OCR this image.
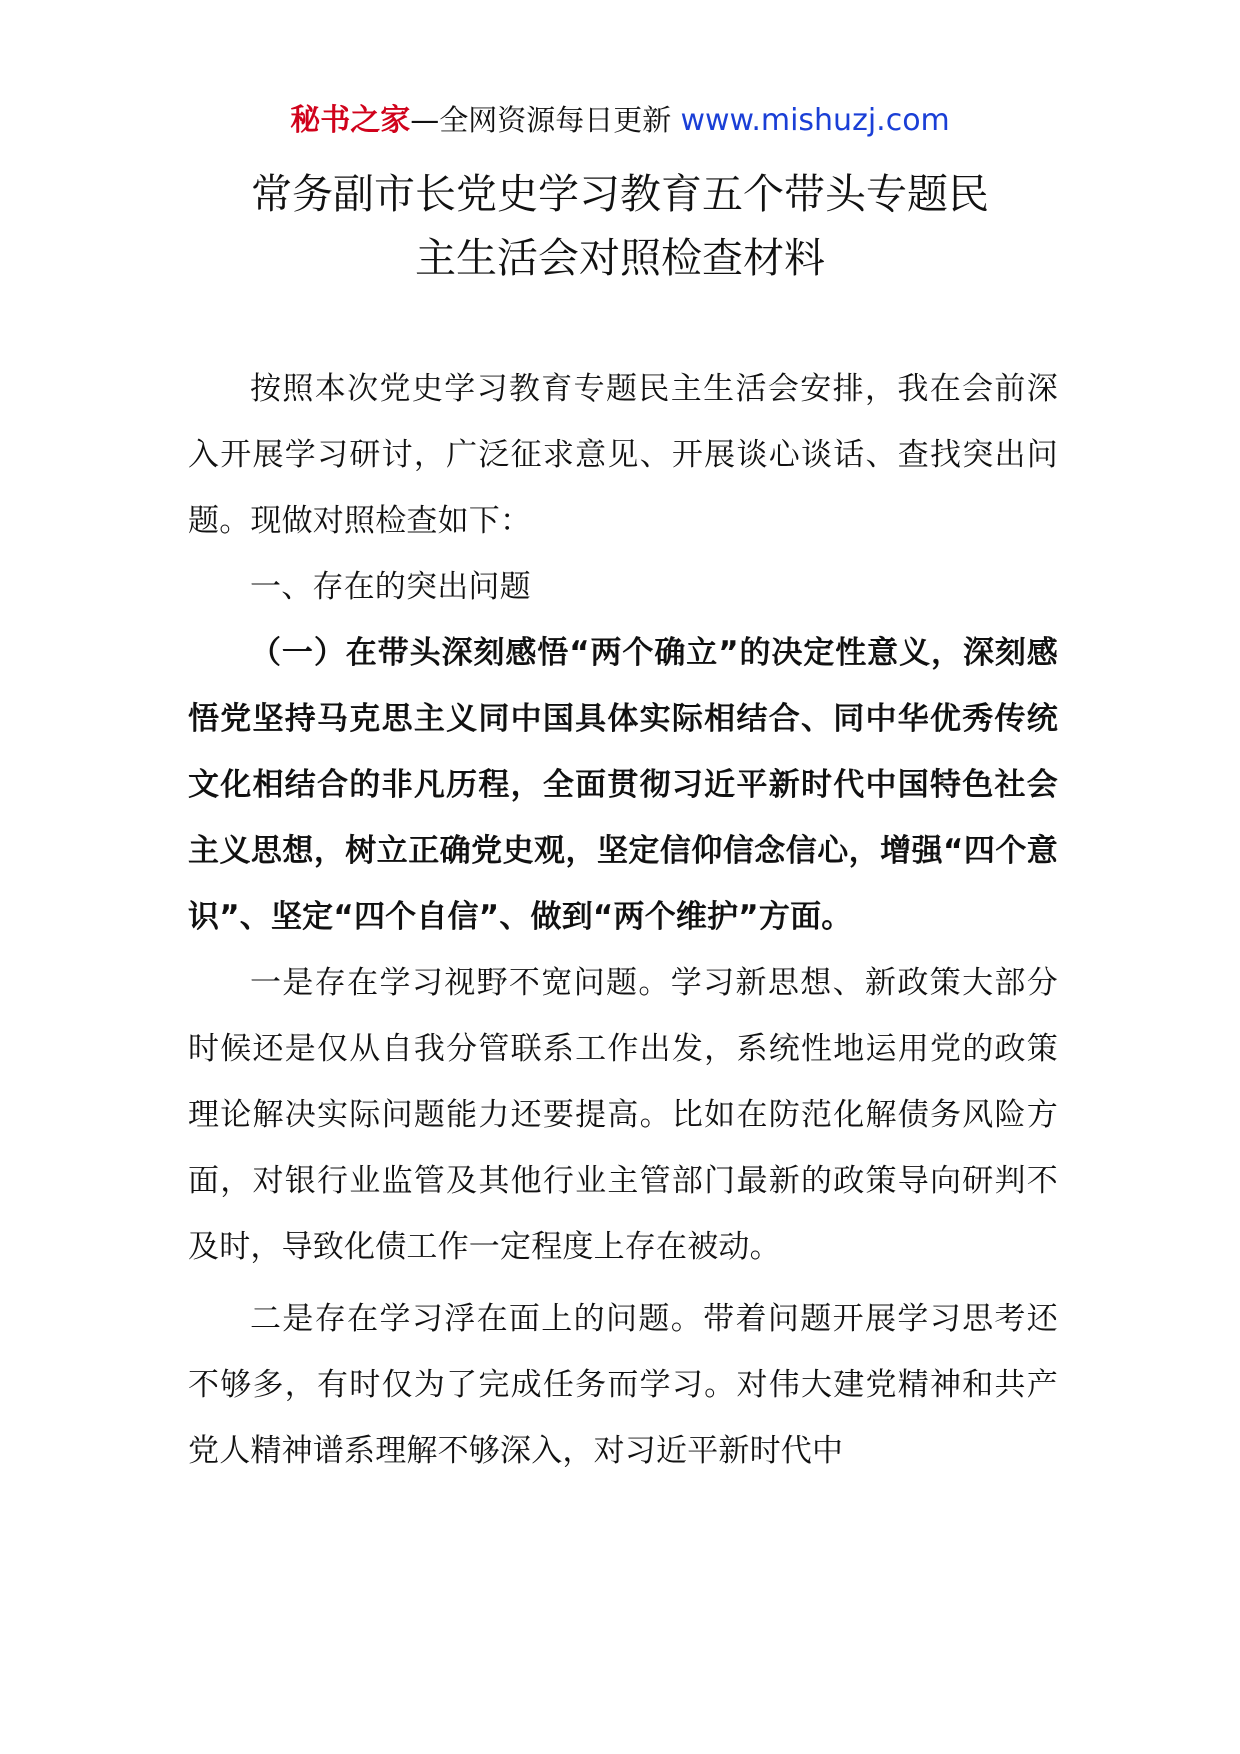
秘书之家—全网资源每日更新 www.mishuzj.com
常务副市长党史学习教育五个带头专题民
主生活会对照检查材料

按照本次党史学习教育专题民主生活会安排，我在会前深入开展学习研讨，广泛征求意见、开展谈心谈话、查找突出问题。现做对照检查如下：

一、存在的突出问题

（一）在带头深刻感悟“两个确立”的决定性意义，深刻感悟党坚持马克思主义同中国具体实际相结合、同中华优秀传统文化相结合的非凡历程，全面贯彻习近平新时代中国特色社会主义思想，树立正确党史观，坚定信仰信念信心，增强“四个意识”、坚定“四个自信”、做到“两个维护”方面。

一是存在学习视野不宽问题。学习新思想、新政策大部分时候还是仅从自我分管联系工作出发，系统性地运用党的政策理论解决实际问题能力还要提高。比如在防范化解债务风险方面，对银行业监管及其他行业主管部门最新的政策导向研判不及时，导致化债工作一定程度上存在被动。

二是存在学习浮在面上的问题。带着问题开展学习思考还不够多，有时仅为了完成任务而学习。对伟大建党精神和共产党人精神谱系理解不够深入，对习近平新时代中
